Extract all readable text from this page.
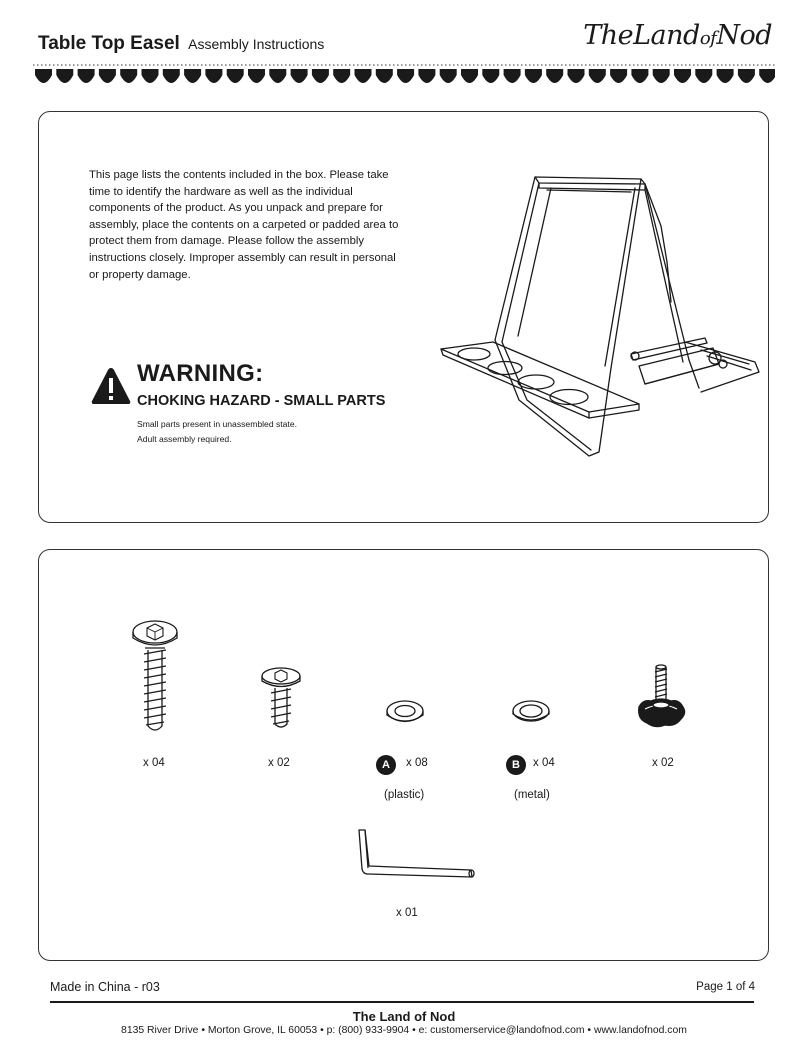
Table Top Easel Assembly Instructions	TheLandofNod
This page lists the contents included in the box. Please take time to identify the hardware as well as the individual components of the product. As you unpack and prepare for assembly, place the contents on a carpeted or padded area to protect them from damage. Please follow the assembly instructions closely. Improper assembly can result in personal or property damage.
WARNING:
CHOKING HAZARD - SMALL PARTS
Small parts present in unassembled state.
Adult assembly required.
x 04	x 02	A	x 08
(plastic)
B	x 04
(metal)
x 02
x 01
Made in China - r03	Page 1 of 4
The Land of Nod
8135 River Drive • Morton Grove, IL 60053 • p: (800) 933-9904 • e: customerservice@landofnod.com • www.landofnod.com
